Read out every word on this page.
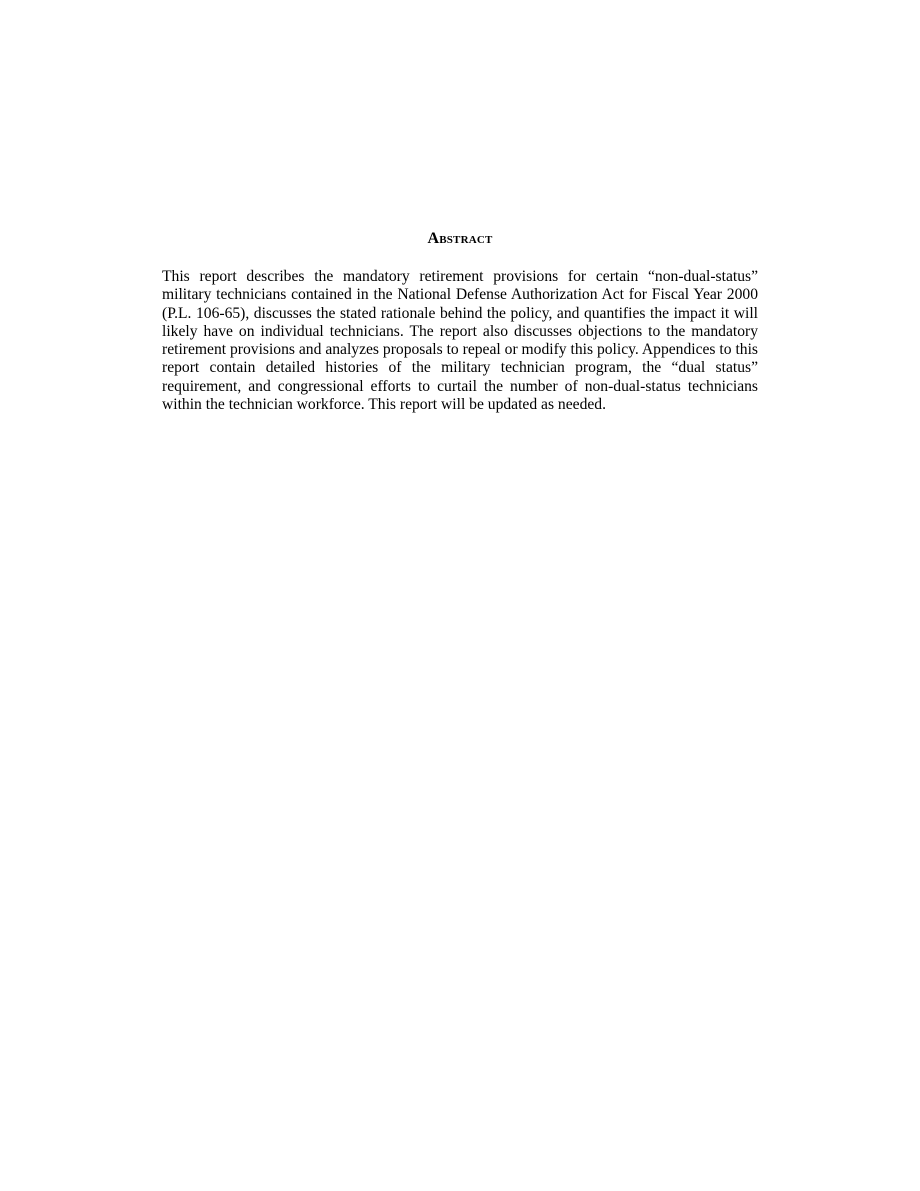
Abstract

This report describes the mandatory retirement provisions for certain “non-dual-status” military technicians contained in the National Defense Authorization Act for Fiscal Year 2000 (P.L. 106-65), discusses the stated rationale behind the policy, and quantifies the impact it will likely have on individual technicians. The report also discusses objections to the mandatory retirement provisions and analyzes proposals to repeal or modify this policy. Appendices to this report contain detailed histories of the military technician program, the “dual status” requirement, and congressional efforts to curtail the number of non-dual-status technicians within the technician workforce. This report will be updated as needed.
